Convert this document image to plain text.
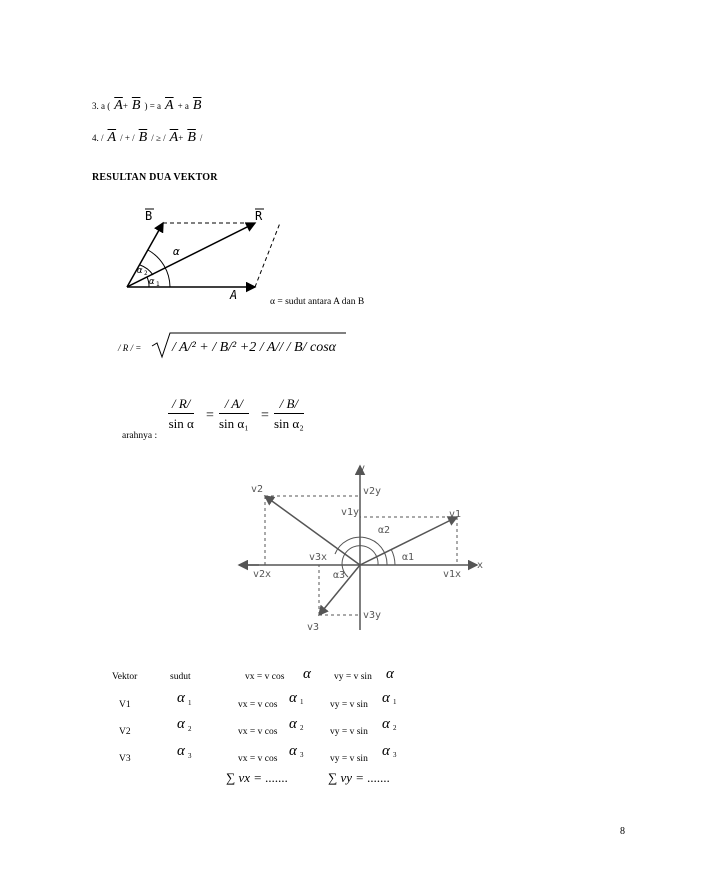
3. a ( $\overline{A}+ \overline{B}$ ) = a $\overline{A} + a$ $\overline{B}$
4. / $\overline{A}$ / + / $\overline{B}$ / ≥ / $\overline{A}+ \overline{B}$ /
RESULTAN DUA VEKTOR
B	R
A
α
α 2
α 1
α = sudut antara A dan B
/ R / = / A/² + / B/² +2 / A// / B/ cosα
$\frac{/ R/}{\text{sin α}} = \frac{/ A/}{\text{sin α₁}} = \frac{/ B/}{\text{sin α₂}}$
arahnya :
y
x
v1
v2
v3
v1y
v2y
v3y
v1x
v2x
v3x	α1
α2
α3
Vektor	sudut	vx = v cos α vy = v sin α
V1	α 1	vx = v cos α 1	vy = v sin α 1
V2	α 2	vx = v cos α 2	vy = v sin α 2
V3	α 3	vx = v cos α 3	vy = v sin α 3
∑ vx = .......	∑ vy = .......
8
